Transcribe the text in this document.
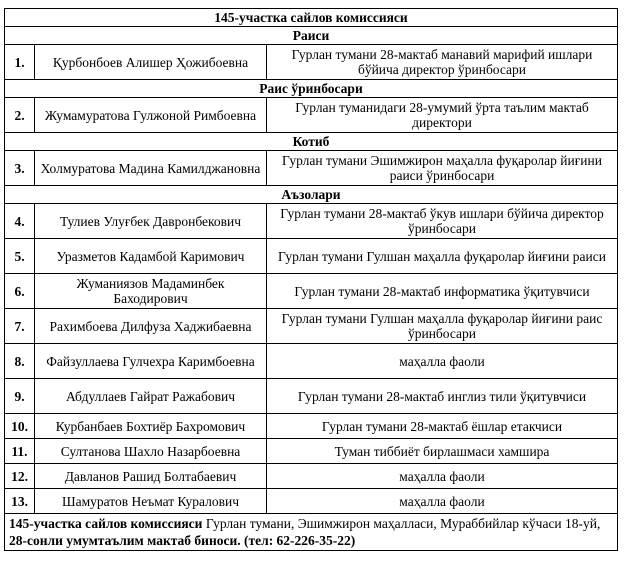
145-участка сайлов комиссияси		
Раиси		
1.	Қурбонбоев Алишер Ҳожибоевна	Гурлан тумани 28-мактаб манавий марифий ишлари бўйича директор ўринбосари
Раис ўринбосари		
2.	Жумамуратова Гулжоной Римбоевна	Гурлан туманидаги 28-умумий ўрта таълим мактаб директори
Котиб		
3.	Холмуратова Мадина Камилджановна	Гурлан тумани Эшимжирон маҳалла фуқаролар йиғини раиси ўринбосари
Аъзолари		
4.	Тулиев Улуғбек Давронбекович	Гурлан тумани 28-мактаб ўкув ишлари бўйича директор ўринбосари
5.	Уразметов Кадамбой Каримович	Гурлан тумани Гулшан маҳалла фуқаролар йиғини раиси
6.	Жуманиязов Мадаминбек Баходирович	Гурлан тумани 28-мактаб информатика ўқитувчиси
7.	Рахимбоева Дилфуза Хаджибаевна	Гурлан тумани Гулшан маҳалла фуқаролар йиғини раис ўринбосари
8.	Файзуллаева Гулчехра Каримбоевна	маҳалла фаоли
9.	Абдуллаев Гайрат Ражабович	Гурлан тумани 28-мактаб инглиз тили ўқитувчиси
10.	Курбанбаев Бохтиёр Бахромович	Гурлан тумани 28-мактаб ёшлар етакчиси
11.	Султанова Шахло Назарбоевна	Туман тиббиёт бирлашмаси хамшира
12.	Давланов Рашид Болтабаевич	маҳалла фаоли
13.	Шамуратов Неъмат Куралович	маҳалла фаоли
145-участка сайлов комиссияси Гурлан тумани, Эшимжирон маҳалласи, Мураббийлар кўчаси 18-уй, 28-сонли умумтаълим мактаб биноси. (тел: 62-226-35-22)		
